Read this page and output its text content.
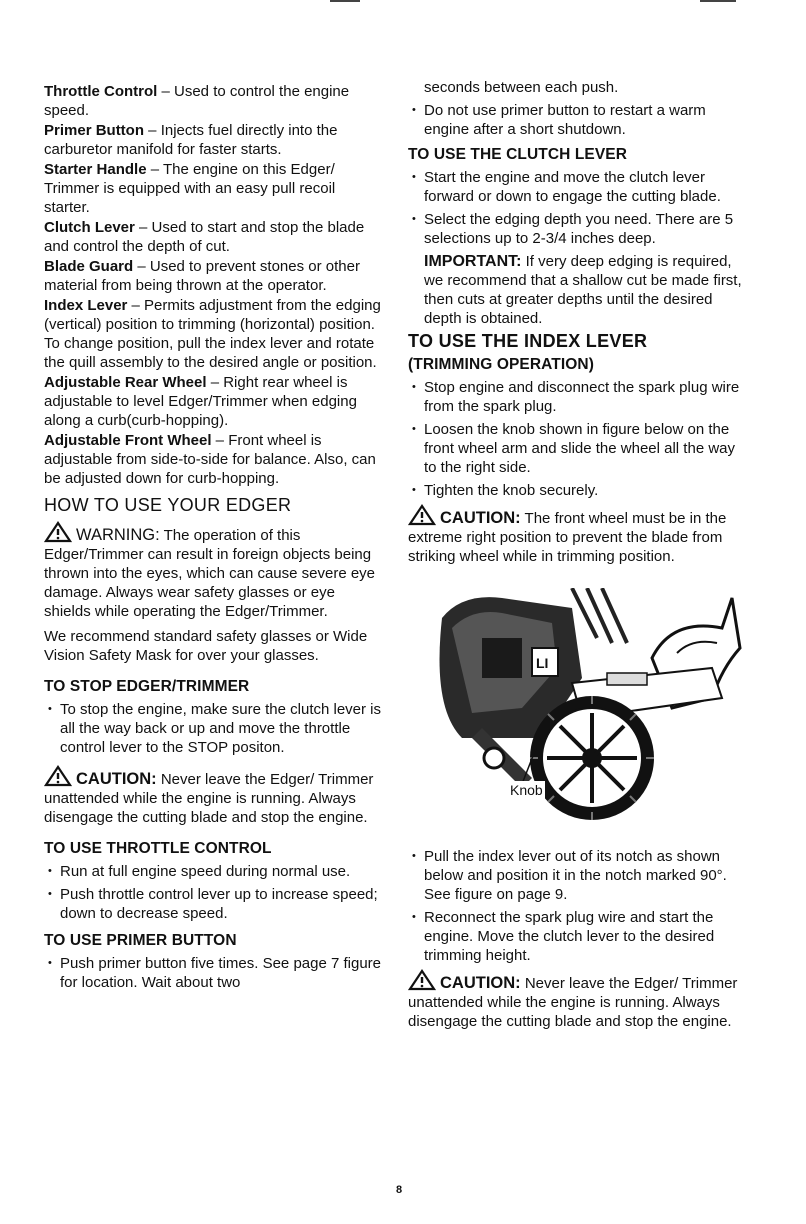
Throttle Control – Used to control the engine speed.

Primer Button – Injects fuel directly into the carburetor manifold for faster starts.

Starter Handle – The engine on this Edger/ Trimmer is equipped with an easy pull recoil starter.

Clutch Lever – Used to start and stop the blade and control the depth of cut.

Blade Guard – Used to prevent stones or other material from being thrown at the operator.

Index Lever – Permits adjustment from the edging (vertical) position to trimming (horizontal) position. To change position, pull the index lever and rotate the quill assembly to the desired angle or position.

Adjustable Rear Wheel – Right rear wheel is adjustable to level Edger/Trimmer when edging along a curb(curb-hopping).

Adjustable Front Wheel – Front wheel is adjustable from side-to-side for balance. Also, can be adjusted down for curb-hopping.

HOW TO USE YOUR EDGER

WARNING: The operation of this Edger/Trimmer can result in foreign objects being thrown into the eyes, which can cause severe eye damage. Always wear safety glasses or eye shields while operating the Edger/Trimmer.

We recommend standard safety glasses or Wide Vision Safety Mask for over your glasses.

TO STOP EDGER/TRIMMER
• To stop the engine, make sure the clutch lever is all the way back or up and move the throttle control lever to the STOP positon.

CAUTION: Never leave the Edger/ Trimmer unattended while the engine is running. Always disengage the cutting blade and stop the engine.

TO USE THROTTLE CONTROL
• Run at full engine speed during normal use.
• Push throttle control lever up to increase speed; down to decrease speed.
TO USE PRIMER BUTTON
• Push primer button five times. See page 7 figure for location. Wait about two
seconds between each push.
• Do not use primer button to restart a warm engine after a short shutdown.
TO USE THE CLUTCH LEVER
• Start the engine and move the clutch lever forward or down to engage the cutting blade.
• Select the edging depth you need. There are 5 selections up to 2-3/4 inches deep.

IMPORTANT: If very deep edging is required, we recommend that a shallow cut be made first, then cuts at greater depths until the desired depth is obtained.

TO USE THE INDEX LEVER
(TRIMMING OPERATION)
• Stop engine and disconnect the spark plug wire from the spark plug.
• Loosen the knob shown in figure below on the front wheel arm and slide the wheel all the way to the right side.
• Tighten the knob securely.

CAUTION: The front wheel must be in the extreme right position to prevent the blade from striking wheel while in trimming position.

LI
Knob
• Pull the index lever out of its notch as shown below and position it in the notch marked 90°. See figure on page 9.
• Reconnect the spark plug wire and start the engine. Move the clutch lever to the desired trimming height.

CAUTION: Never leave the Edger/ Trimmer unattended while the engine is running. Always disengage the cutting blade and stop the engine.

8
